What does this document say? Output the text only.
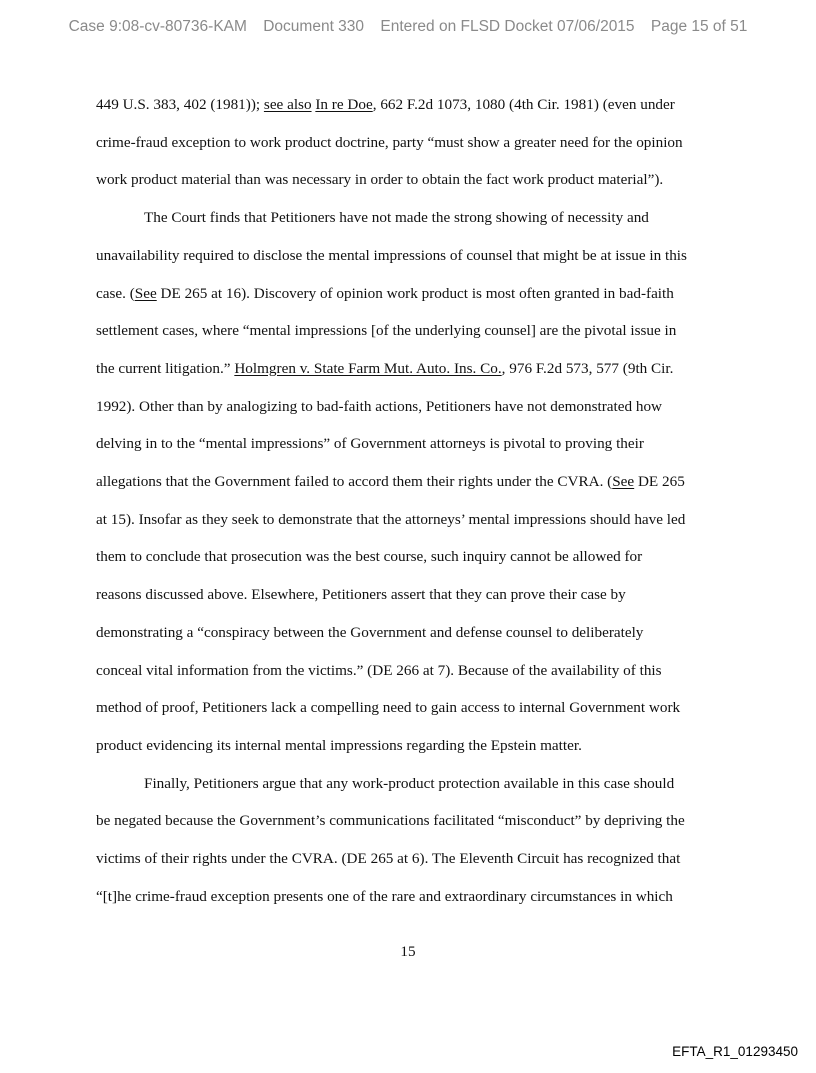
Case 9:08-cv-80736-KAM Document 330 Entered on FLSD Docket 07/06/2015 Page 15 of 51
449 U.S. 383, 402 (1981)); see also In re Doe, 662 F.2d 1073, 1080 (4th Cir. 1981) (even under
crime-fraud exception to work product doctrine, party “must show a greater need for the opinion
work product material than was necessary in order to obtain the fact work product material”).
The Court finds that Petitioners have not made the strong showing of necessity and
unavailability required to disclose the mental impressions of counsel that might be at issue in this
case. (See DE 265 at 16). Discovery of opinion work product is most often granted in bad-faith
settlement cases, where “mental impressions [of the underlying counsel] are the pivotal issue in
the current litigation.” Holmgren v. State Farm Mut. Auto. Ins. Co., 976 F.2d 573, 577 (9th Cir.
1992). Other than by analogizing to bad-faith actions, Petitioners have not demonstrated how
delving in to the “mental impressions” of Government attorneys is pivotal to proving their
allegations that the Government failed to accord them their rights under the CVRA. (See DE 265
at 15). Insofar as they seek to demonstrate that the attorneys’ mental impressions should have led
them to conclude that prosecution was the best course, such inquiry cannot be allowed for
reasons discussed above. Elsewhere, Petitioners assert that they can prove their case by
demonstrating a “conspiracy between the Government and defense counsel to deliberately
conceal vital information from the victims.” (DE 266 at 7). Because of the availability of this
method of proof, Petitioners lack a compelling need to gain access to internal Government work
product evidencing its internal mental impressions regarding the Epstein matter.
Finally, Petitioners argue that any work-product protection available in this case should
be negated because the Government’s communications facilitated “misconduct” by depriving the
victims of their rights under the CVRA. (DE 265 at 6). The Eleventh Circuit has recognized that
“[t]he crime-fraud exception presents one of the rare and extraordinary circumstances in which
15
EFTA_R1_01293450
